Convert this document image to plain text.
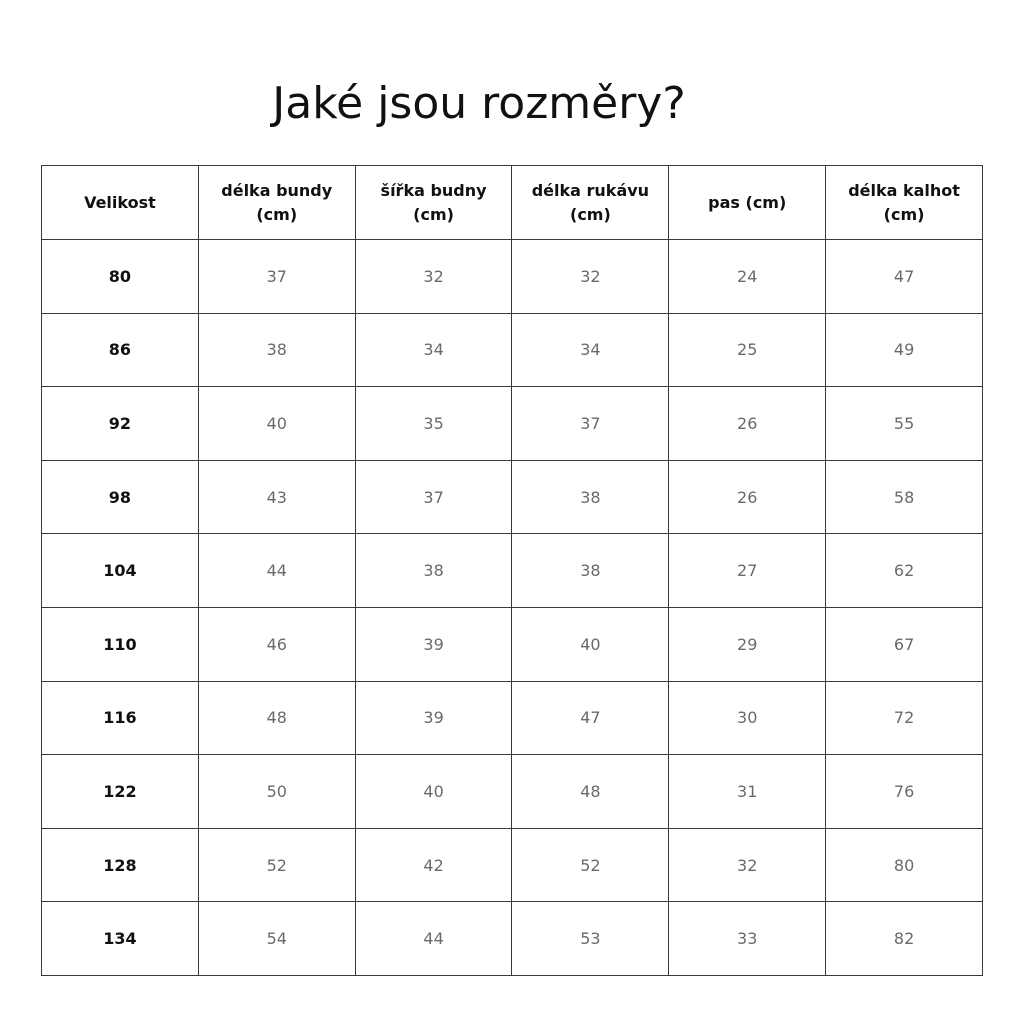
Jaké jsou rozměry?
Velikost	délka bundy (cm)	šířka budny (cm)	délka rukávu (cm)	pas (cm)	délka kalhot (cm)
80	37	32	32	24	47
86	38	34	34	25	49
92	40	35	37	26	55
98	43	37	38	26	58
104	44	38	38	27	62
110	46	39	40	29	67
116	48	39	47	30	72
122	50	40	48	31	76
128	52	42	52	32	80
134	54	44	53	33	82
